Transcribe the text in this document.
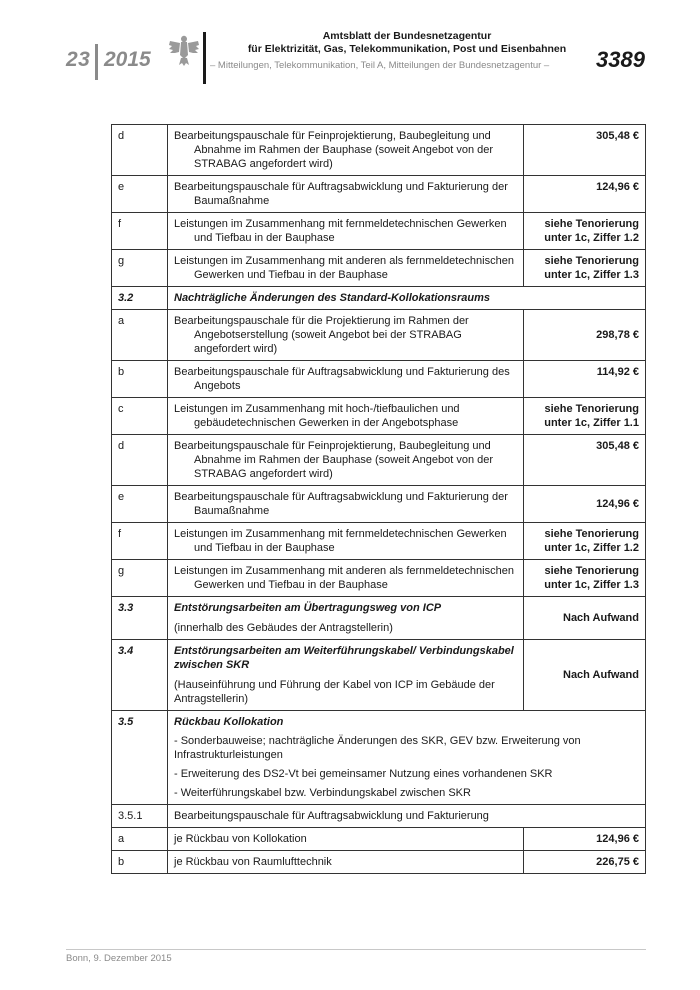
23 2015
Amtsblatt der Bundesnetzagentur
für Elektrizität, Gas, Telekommunikation, Post und Eisenbahnen
– Mitteilungen, Telekommunikation, Teil A, Mitteilungen der Bundesnetzagentur – 3389
d	Bearbeitungspauschale für Feinprojektierung, Baubegleitung und Abnahme im Rahmen der Bauphase (soweit Angebot von der STRABAG angefordert wird)	305,48 €
e	Bearbeitungspauschale für Auftragsabwicklung und Fakturierung der Baumaßnahme	124,96 €
f	Leistungen im Zusammenhang mit fernmeldetechnischen Gewerken und Tiefbau in der Bauphase	siehe Tenorierung
unter 1c, Ziffer 1.2

g	Leistungen im Zusammenhang mit anderen als fernmeldetechnischen Gewerken und Tiefbau in der Bauphase	siehe Tenorierung
unter 1c, Ziffer 1.3

3.2	Nachträgliche Änderungen des Standard-Kollokationsraums	
a	Bearbeitungspauschale für die Projektierung im Rahmen der Angebotserstellung (soweit Angebot bei der STRABAG angefordert wird)	298,78 €
b	Bearbeitungspauschale für Auftragsabwicklung und Fakturierung des Angebots	114,92 €
c	Leistungen im Zusammenhang mit hoch-/tiefbaulichen und gebäudetechnischen Gewerken in der Angebotsphase	siehe Tenorierung
unter 1c, Ziffer 1.1

d	Bearbeitungspauschale für Feinprojektierung, Baubegleitung und Abnahme im Rahmen der Bauphase (soweit Angebot von der STRABAG angefordert wird)	305,48 €
e	Bearbeitungspauschale für Auftragsabwicklung und Fakturierung der Baumaßnahme	124,96 €
f	Leistungen im Zusammenhang mit fernmeldetechnischen Gewerken und Tiefbau in der Bauphase	siehe Tenorierung
unter 1c, Ziffer 1.2

g	Leistungen im Zusammenhang mit anderen als fernmeldetechnischen Gewerken und Tiefbau in der Bauphase	siehe Tenorierung
unter 1c, Ziffer 1.3

3.3	Entstörungsarbeiten am Übertragungsweg von ICP
(innerhalb des Gebäudes der Antragstellerin)	Nach Aufwand
3.4	Entstörungsarbeiten am Weiterführungskabel/ Verbindungskabel zwischen SKR
(Hauseinführung und Führung der Kabel von ICP im Gebäude der Antragstellerin)	Nach Aufwand
3.5	Rückbau Kollokation
- Sonderbauweise; nachträgliche Änderungen des SKR, GEV bzw. Erweiterung von Infrastrukturleistungen
- Erweiterung des DS2-Vt bei gemeinsamer Nutzung eines vorhandenen SKR
- Weiterführungskabel bzw. Verbindungskabel zwischen SKR	

3.5.1	Bearbeitungspauschale für Auftragsabwicklung und Fakturierung	
a	je Rückbau von Kollokation	124,96 €
b	je Rückbau von Raumlufttechnik	226,75 €
Bonn, 9. Dezember 2015
